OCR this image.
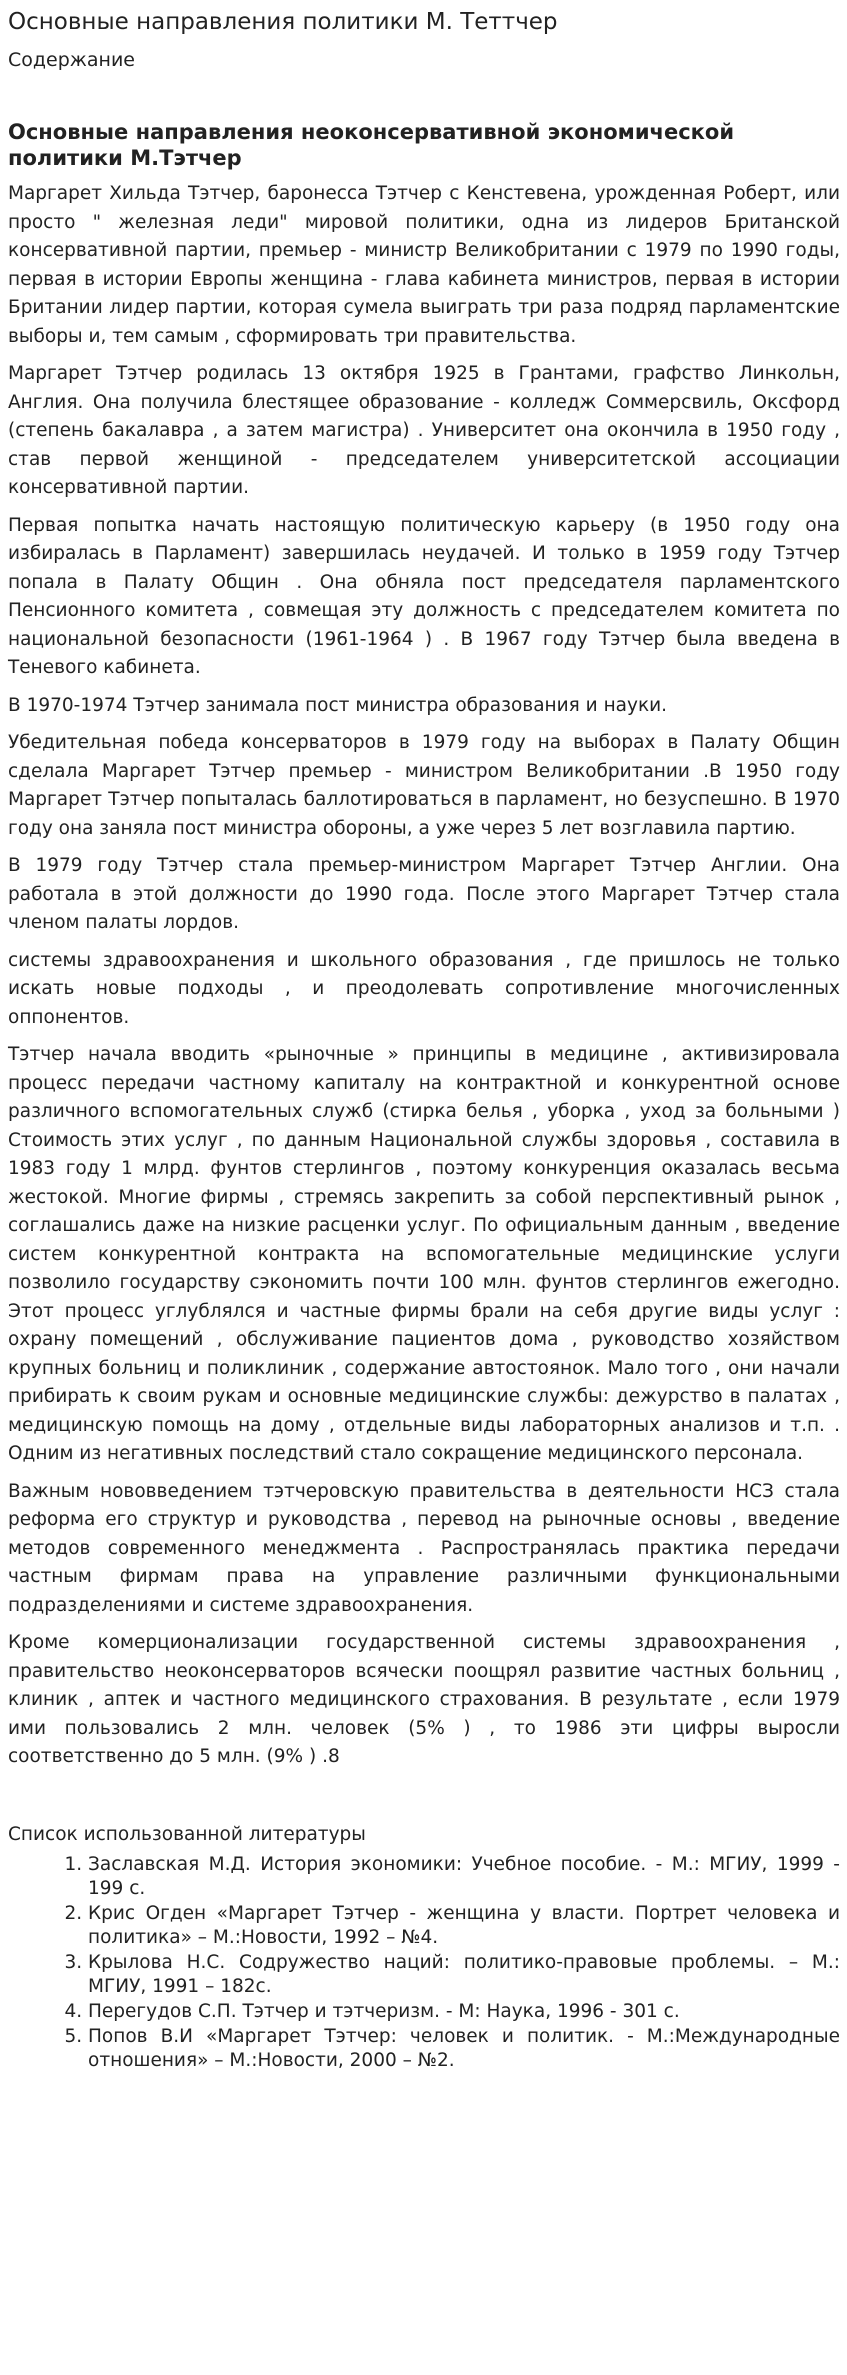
Основные направления политики М. Теттчер
Содержание
Основные направления неоконсервативной экономической политики М.Тэтчер

Маргарет Хильда Тэтчер, баронесса Тэтчер с Кенстевена, урожденная Роберт, или просто " железная леди" мировой политики, одна из лидеров Британской консервативной партии, премьер - министр Великобритании с 1979 по 1990 годы, первая в истории Европы женщина - глава кабинета министров, первая в истории Британии лидер партии, которая сумела выиграть три раза подряд парламентские выборы и, тем самым , сформировать три правительства.

Маргарет Тэтчер родилась 13 октября 1925 в Грантами, графство Линкольн, Англия. Она получила блестящее образование - колледж Соммерсвиль, Оксфорд (степень бакалавра , а затем магистра) . Университет она окончила в 1950 году , став первой женщиной - председателем университетской ассоциации консервативной партии.

Первая попытка начать настоящую политическую карьеру (в 1950 году она избиралась в Парламент) завершилась неудачей. И только в 1959 году Тэтчер попала в Палату Общин . Она обняла пост председателя парламентского Пенсионного комитета , совмещая эту должность с председателем комитета по национальной безопасности (1961-1964 ) . В 1967 году Тэтчер была введена в Теневого кабинета.

В 1970-1974 Тэтчер занимала пост министра образования и науки.

Убедительная победа консерваторов в 1979 году на выборах в Палату Общин сделала Маргарет Тэтчер премьер - министром Великобритании .В 1950 году Маргарет Тэтчер попыталась баллотироваться в парламент, но безуспешно. В 1970 году она заняла пост министра обороны, а уже через 5 лет возглавила партию.

В 1979 году Тэтчер стала премьер-министром Маргарет Тэтчер Англии. Она работала в этой должности до 1990 года. После этого Маргарет Тэтчер стала членом палаты лордов.

системы здравоохранения и школьного образования , где пришлось не только искать новые подходы , и преодолевать сопротивление многочисленных оппонентов.

Тэтчер начала вводить «рыночные » принципы в медицине , активизировала процесс передачи частному капиталу на контрактной и конкурентной основе различного вспомогательных служб (стирка белья , уборка , уход за больными ) Стоимость этих услуг , по данным Национальной службы здоровья , составила в 1983 году 1 млрд. фунтов стерлингов , поэтому конкуренция оказалась весьма жестокой. Многие фирмы , стремясь закрепить за собой перспективный рынок , соглашались даже на низкие расценки услуг. По официальным данным , введение систем конкурентной контракта на вспомогательные медицинские услуги позволило государству сэкономить почти 100 млн. фунтов стерлингов ежегодно. Этот процесс углублялся и частные фирмы брали на себя другие виды услуг : охрану помещений , обслуживание пациентов дома , руководство хозяйством крупных больниц и поликлиник , содержание автостоянок. Мало того , они начали прибирать к своим рукам и основные медицинские службы: дежурство в палатах , медицинскую помощь на дому , отдельные виды лабораторных анализов и т.п. . Одним из негативных последствий стало сокращение медицинского персонала.

Важным нововведением тэтчеровскую правительства в деятельности НСЗ стала реформа его структур и руководства , перевод на рыночные основы , введение методов современного менеджмента . Распространялась практика передачи частным фирмам права на управление различными функциональными подразделениями и системе здравоохранения.

Кроме комерционализации государственной системы здравоохранения , правительство неоконсерваторов всячески поощрял развитие частных больниц , клиник , аптек и частного медицинского страхования. В результате , если 1979 ими пользовались 2 млн. человек (5% ) , то 1986 эти цифры выросли соответственно до 5 млн. (9% ) .8

Список использованной литературы
1. Заславская М.Д. История экономики: Учебное пособие. - М.: МГИУ, 1999 - 199 с.
2. Крис Огден «Маргарет Тэтчер - женщина у власти. Портрет человека и политика» – М.:Новости, 1992 – №4.
3. Крылова Н.С. Содружество наций: политико-правовые проблемы. – М.: МГИУ, 1991 – 182с.
4. Перегудов С.П. Тэтчер и тэтчеризм. - М: Наука, 1996 - 301 с.
5. Попов В.И «Маргарет Тэтчер: человек и политик. - М.:Международные отношения» – М.:Новости, 2000 – №2.
